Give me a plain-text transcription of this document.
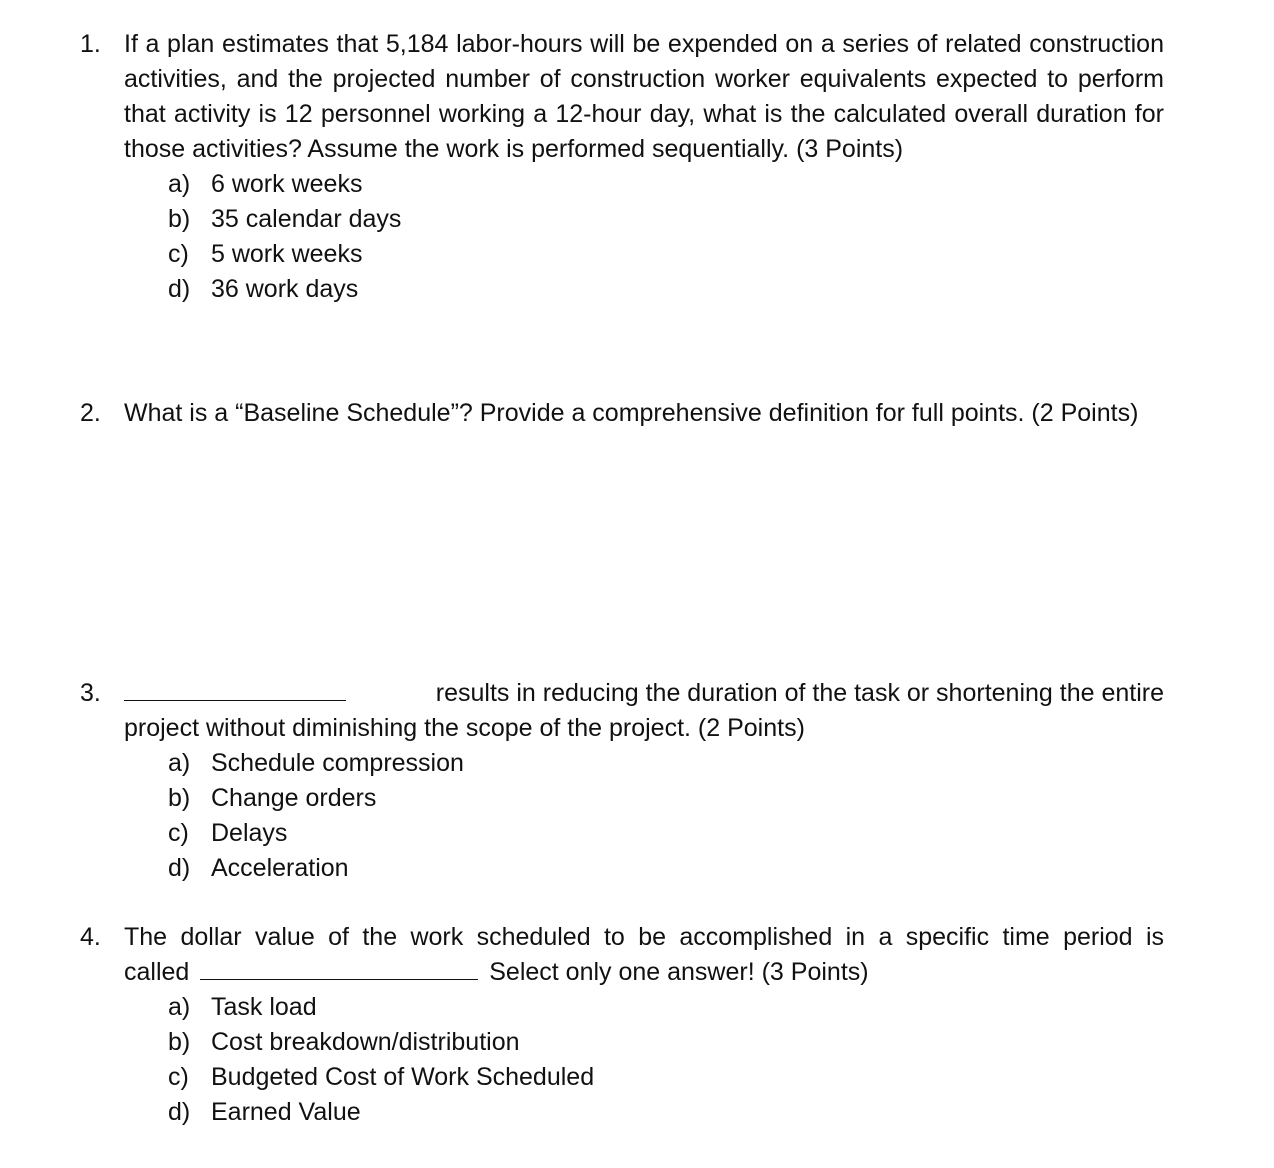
1. If a plan estimates that 5,184 labor-hours will be expended on a series of related construction activities, and the projected number of construction worker equivalents expected to perform that activity is 12 personnel working a 12-hour day, what is the calculated overall duration for those activities? Assume the work is performed sequentially. (3 Points)
a) 6 work weeks
b) 35 calendar days
c) 5 work weeks
d) 36 work days
2. What is a “Baseline Schedule”? Provide a comprehensive definition for full points. (2 Points)
3.	results in reducing the duration of the task or shortening the entire
project without diminishing the scope of the project. (2 Points)
a) Schedule compression
b) Change orders
c) Delays
d) Acceleration
4. The dollar value of the work scheduled to be accomplished in a specific time period is
called	Select only one answer! (3 Points)
a) Task load
b) Cost breakdown/distribution
c) Budgeted Cost of Work Scheduled
d) Earned Value
